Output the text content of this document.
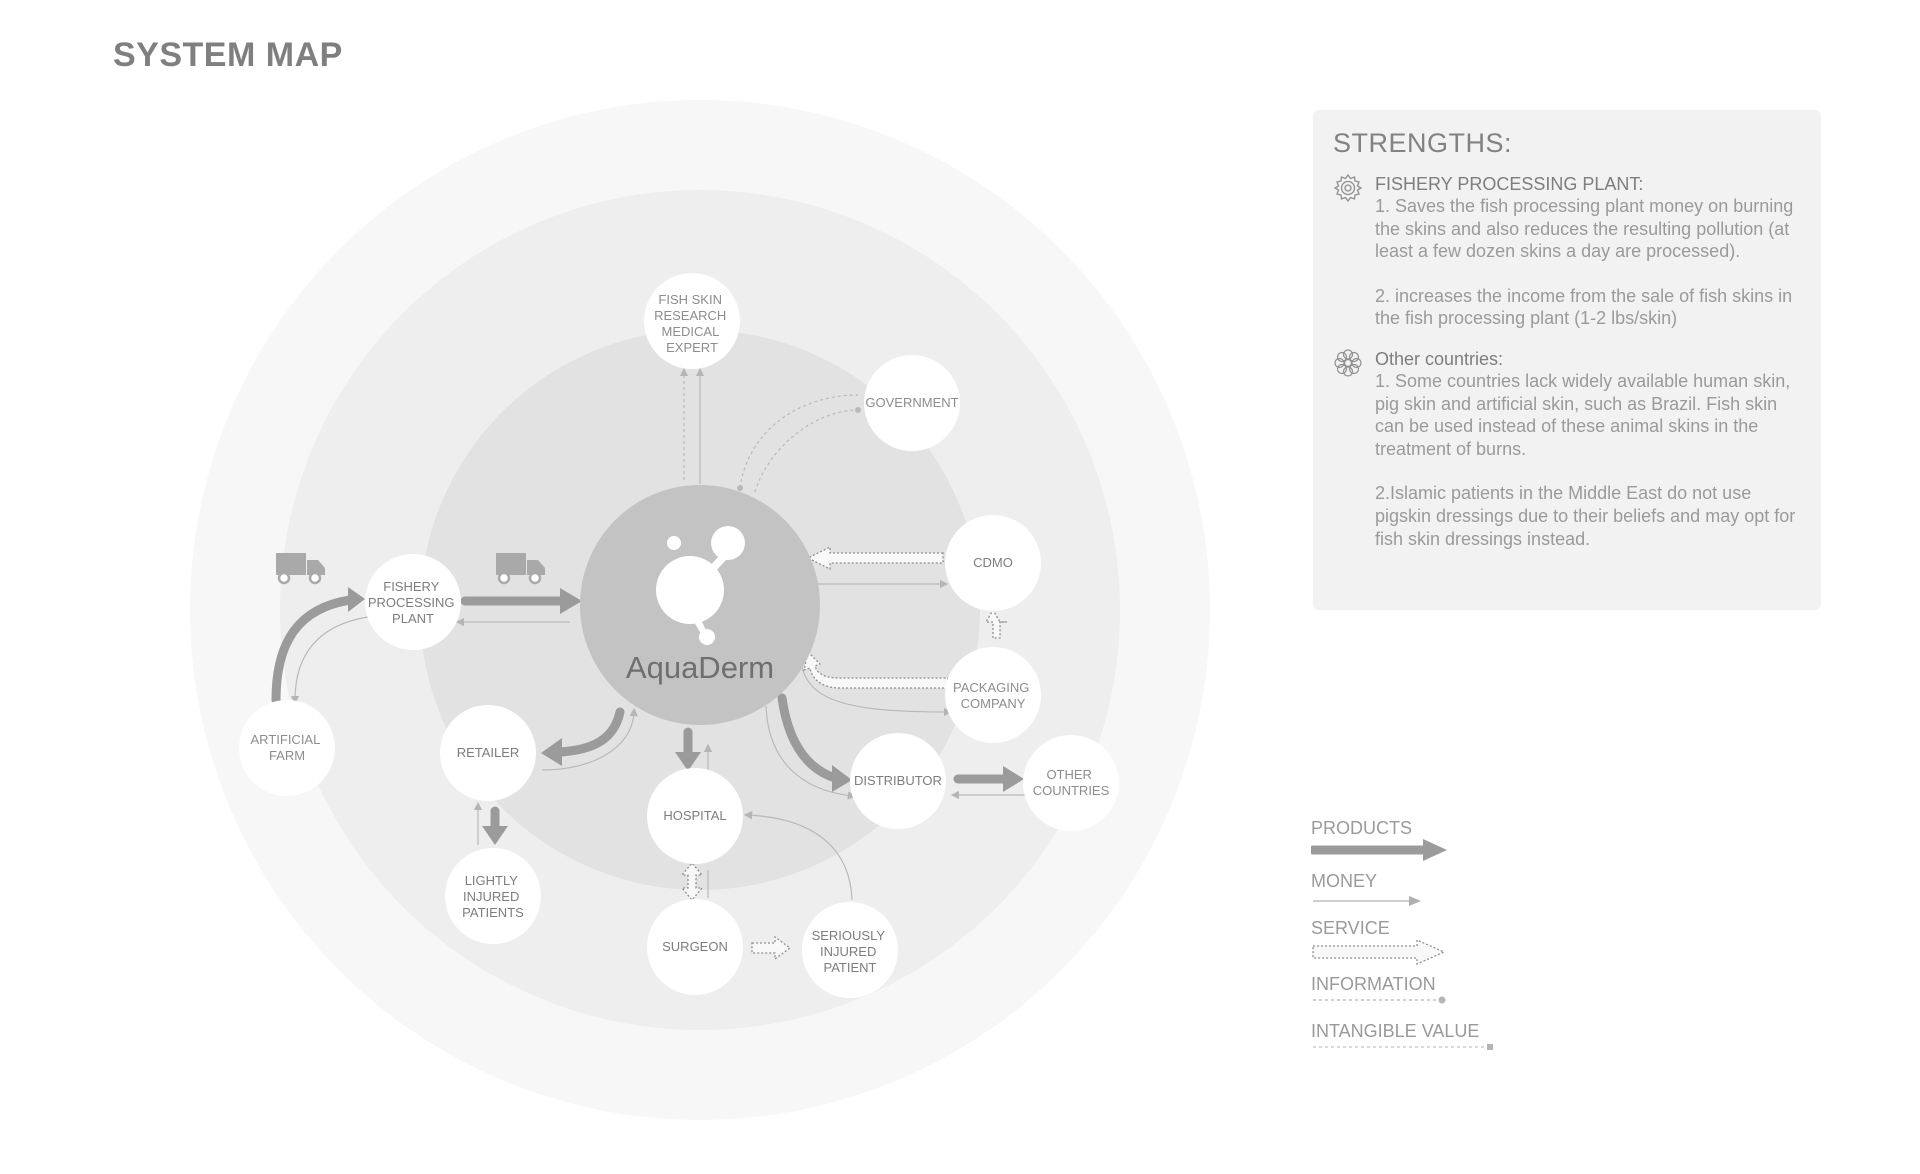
SYSTEM MAP
AquaDerm
FISH SKIN RESEARCH MEDICAL EXPERT
GOVERNMENT
CDMO
PACKAGING COMPANY
DISTRIBUTOR	OTHER COUNTRIES
FISHERY PROCESSING PLANT
ARTIFICIAL FARM	RETAILER
LIGHTLY INJURED PATIENTS
HOSPITAL
SURGEON
SERIOUSLY INJURED PATIENT
STRENGTHS:
FISHERY PROCESSING PLANT:

1. Saves the fish processing plant money on burning the skins and also reduces the resulting pollution (at least a few dozen skins a day are processed).

2. increases the income from the sale of fish skins in the fish processing plant (1-2 lbs/skin)

Other countries:

1. Some countries lack widely available human skin, pig skin and artificial skin, such as Brazil. Fish skin can be used instead of these animal skins in the treatment of burns.

2.Islamic patients in the Middle East do not use pigskin dressings due to their beliefs and may opt for fish skin dressings instead.

PRODUCTS
MONEY
SERVICE
INFORMATION
INTANGIBLE VALUE
